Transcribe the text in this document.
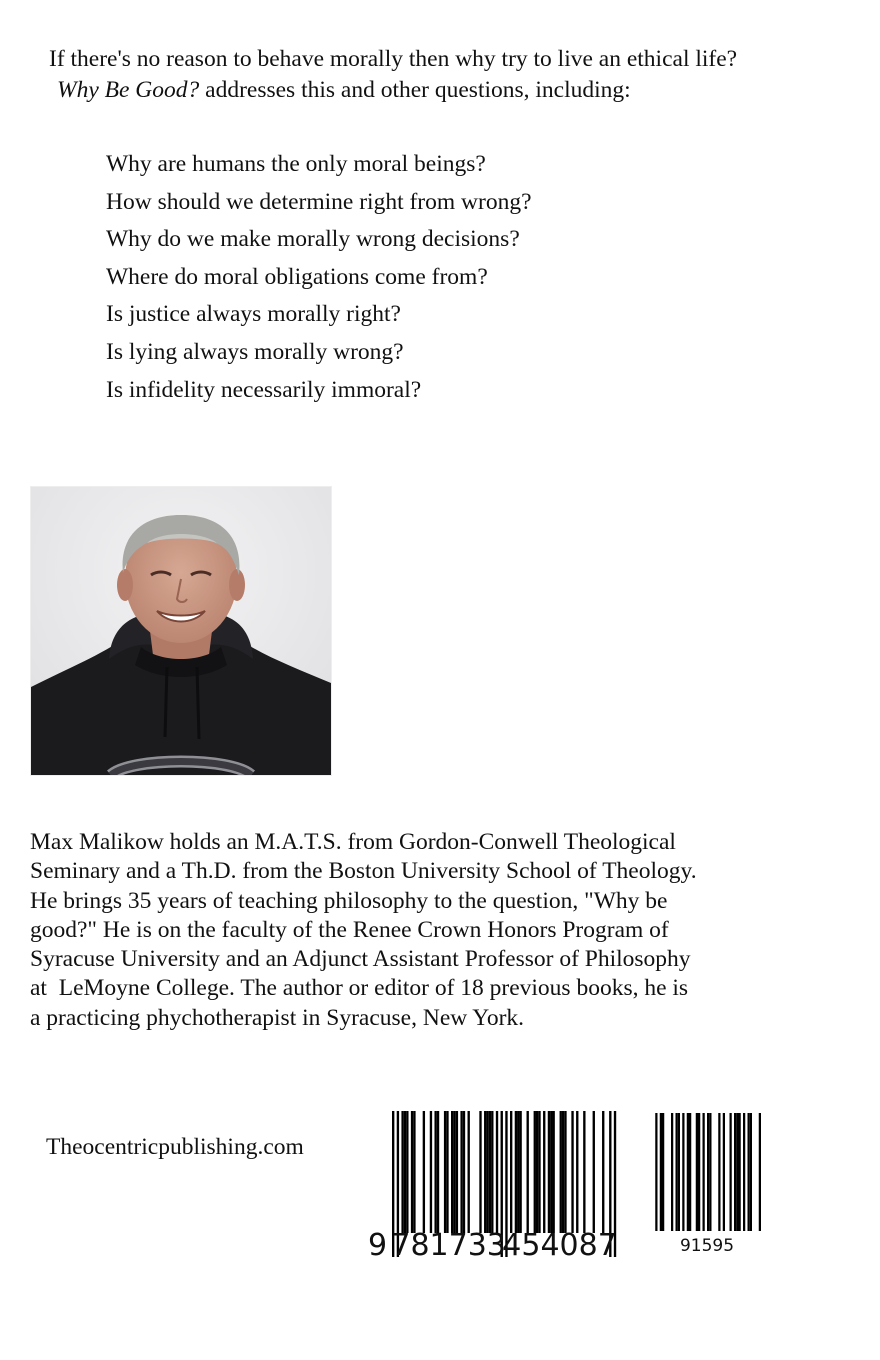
If there's no reason to behave morally then why try to live an ethical life?

Why Be Good? addresses this and other questions, including:

Why are humans the only moral beings?
How should we determine right from wrong?
Why do we make morally wrong decisions?
Where do moral obligations come from?
Is justice always morally right?
Is lying always morally wrong?
Is infidelity necessarily immoral?
Max Malikow holds an M.A.T.S. from Gordon-Conwell Theological
Seminary and a Th.D. from the Boston University School of Theology.
He brings 35 years of teaching philosophy to the question, "Why be
good?" He is on the faculty of the Renee Crown Honors Program of
Syracuse University and an Adjunct Assistant Professor of Philosophy
at  LeMoyne College. The author or editor of 18 previous books, he is
a practicing phychotherapist in Syracuse, New York.
Theocentricpublishing.com
9 781733
454087	91595
